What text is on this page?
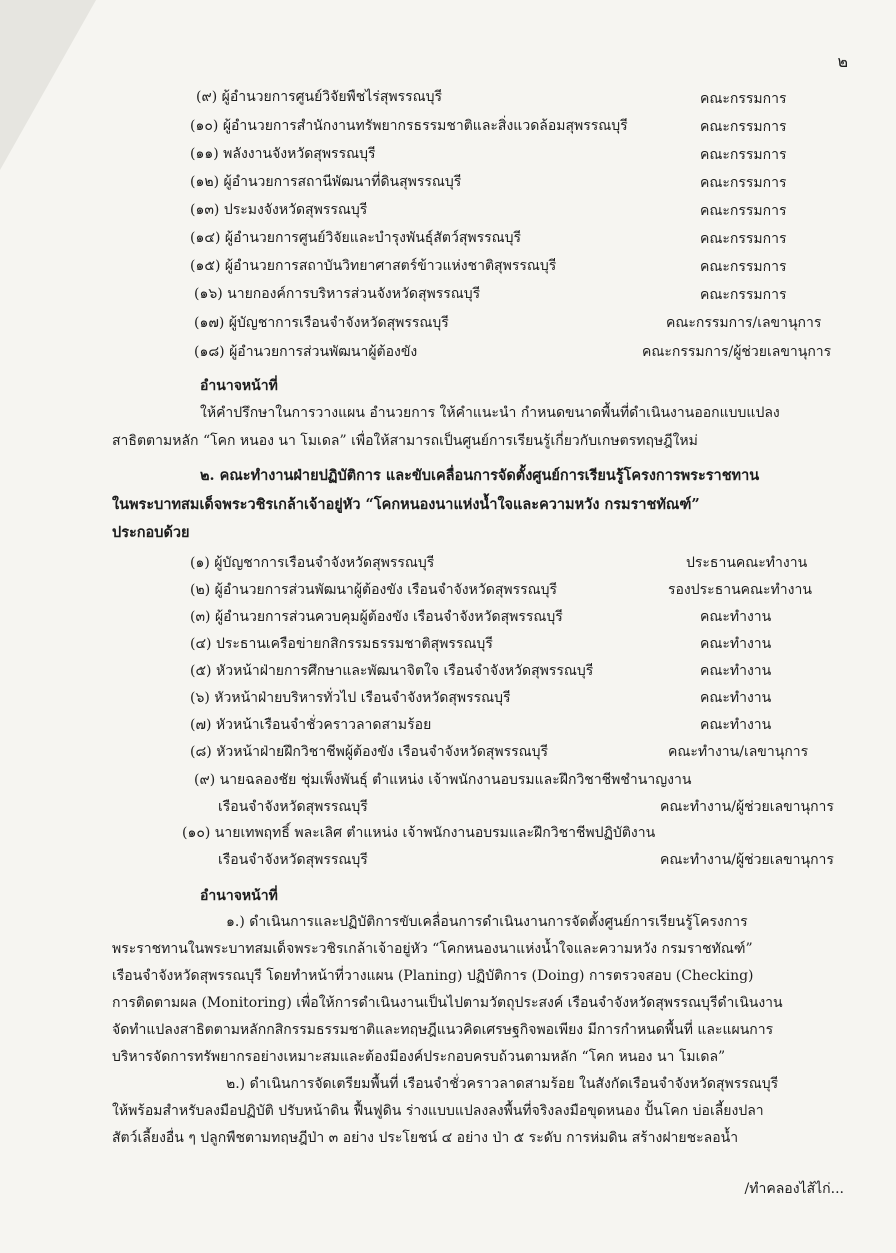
๒
(๙) ผู้อำนวยการศูนย์วิจัยพืชไร่สุพรรณบุรี	คณะกรรมการ
(๑๐) ผู้อำนวยการสำนักงานทรัพยากรธรรมชาติและสิ่งแวดล้อมสุพรรณบุรี	คณะกรรมการ
(๑๑) พลังงานจังหวัดสุพรรณบุรี	คณะกรรมการ
(๑๒) ผู้อำนวยการสถานีพัฒนาที่ดินสุพรรณบุรี	คณะกรรมการ
(๑๓) ประมงจังหวัดสุพรรณบุรี	คณะกรรมการ
(๑๔) ผู้อำนวยการศูนย์วิจัยและบำรุงพันธุ์สัตว์สุพรรณบุรี	คณะกรรมการ
(๑๕) ผู้อำนวยการสถาบันวิทยาศาสตร์ข้าวแห่งชาติสุพรรณบุรี	คณะกรรมการ
(๑๖) นายกองค์การบริหารส่วนจังหวัดสุพรรณบุรี	คณะกรรมการ
(๑๗) ผู้บัญชาการเรือนจำจังหวัดสุพรรณบุรี	คณะกรรมการ/เลขานุการ
(๑๘) ผู้อำนวยการส่วนพัฒนาผู้ต้องขัง	คณะกรรมการ/ผู้ช่วยเลขานุการ
อำนาจหน้าที่
ให้คำปรึกษาในการวางแผน อำนวยการ ให้คำแนะนำ กำหนดขนาดพื้นที่ดำเนินงานออกแบบแปลง
สาธิตตามหลัก “โคก หนอง นา โมเดล” เพื่อให้สามารถเป็นศูนย์การเรียนรู้เกี่ยวกับเกษตรทฤษฎีใหม่
๒. คณะทำงานฝ่ายปฏิบัติการ และขับเคลื่อนการจัดตั้งศูนย์การเรียนรู้โครงการพระราชทาน
ในพระบาทสมเด็จพระวชิรเกล้าเจ้าอยู่หัว “โคกหนองนาแห่งน้ำใจและความหวัง กรมราชทัณฑ์”
ประกอบด้วย
(๑) ผู้บัญชาการเรือนจำจังหวัดสุพรรณบุรี	ประธานคณะทำงาน
(๒) ผู้อำนวยการส่วนพัฒนาผู้ต้องขัง เรือนจำจังหวัดสุพรรณบุรี	รองประธานคณะทำงาน
(๓) ผู้อำนวยการส่วนควบคุมผู้ต้องขัง เรือนจำจังหวัดสุพรรณบุรี	คณะทำงาน
(๔) ประธานเครือข่ายกสิกรรมธรรมชาติสุพรรณบุรี	คณะทำงาน
(๕) หัวหน้าฝ่ายการศึกษาและพัฒนาจิตใจ เรือนจำจังหวัดสุพรรณบุรี	คณะทำงาน
(๖) หัวหน้าฝ่ายบริหารทั่วไป เรือนจำจังหวัดสุพรรณบุรี	คณะทำงาน
(๗) หัวหน้าเรือนจำชั่วคราวลาดสามร้อย	คณะทำงาน
(๘) หัวหน้าฝ่ายฝึกวิชาชีพผู้ต้องขัง เรือนจำจังหวัดสุพรรณบุรี	คณะทำงาน/เลขานุการ
(๙) นายฉลองชัย ชุ่มเพ็งพันธุ์ ตำแหน่ง เจ้าพนักงานอบรมและฝึกวิชาชีพชำนาญงาน
เรือนจำจังหวัดสุพรรณบุรี	คณะทำงาน/ผู้ช่วยเลขานุการ
(๑๐) นายเทพฤทธิ์ พละเลิศ ตำแหน่ง เจ้าพนักงานอบรมและฝึกวิชาชีพปฏิบัติงาน
เรือนจำจังหวัดสุพรรณบุรี	คณะทำงาน/ผู้ช่วยเลขานุการ
อำนาจหน้าที่
๑.) ดำเนินการและปฏิบัติการขับเคลื่อนการดำเนินงานการจัดตั้งศูนย์การเรียนรู้โครงการ
พระราชทานในพระบาทสมเด็จพระวชิรเกล้าเจ้าอยู่หัว “โคกหนองนาแห่งน้ำใจและความหวัง กรมราชทัณฑ์”
เรือนจำจังหวัดสุพรรณบุรี โดยทำหน้าที่วางแผน (Planing) ปฏิบัติการ (Doing) การตรวจสอบ (Checking)
การติดตามผล (Monitoring) เพื่อให้การดำเนินงานเป็นไปตามวัตถุประสงค์ เรือนจำจังหวัดสุพรรณบุรีดำเนินงาน
จัดทำแปลงสาธิตตามหลักกสิกรรมธรรมชาติและทฤษฎีแนวคิดเศรษฐกิจพอเพียง มีการกำหนดพื้นที่ และแผนการ
บริหารจัดการทรัพยากรอย่างเหมาะสมและต้องมีองค์ประกอบครบถ้วนตามหลัก “โคก หนอง นา โมเดล”
๒.) ดำเนินการจัดเตรียมพื้นที่ เรือนจำชั่วคราวลาดสามร้อย ในสังกัดเรือนจำจังหวัดสุพรรณบุรี
ให้พร้อมสำหรับลงมือปฏิบัติ ปรับหน้าดิน ฟื้นฟูดิน ร่างแบบแปลงลงพื้นที่จริงลงมือขุดหนอง ปั้นโคก บ่อเลี้ยงปลา
สัตว์เลี้ยงอื่น ๆ ปลูกพืชตามทฤษฎีป่า ๓ อย่าง ประโยชน์ ๔ อย่าง ป่า ๕ ระดับ การห่มดิน สร้างฝายชะลอน้ำ
/ทำคลองไส้ไก่...
